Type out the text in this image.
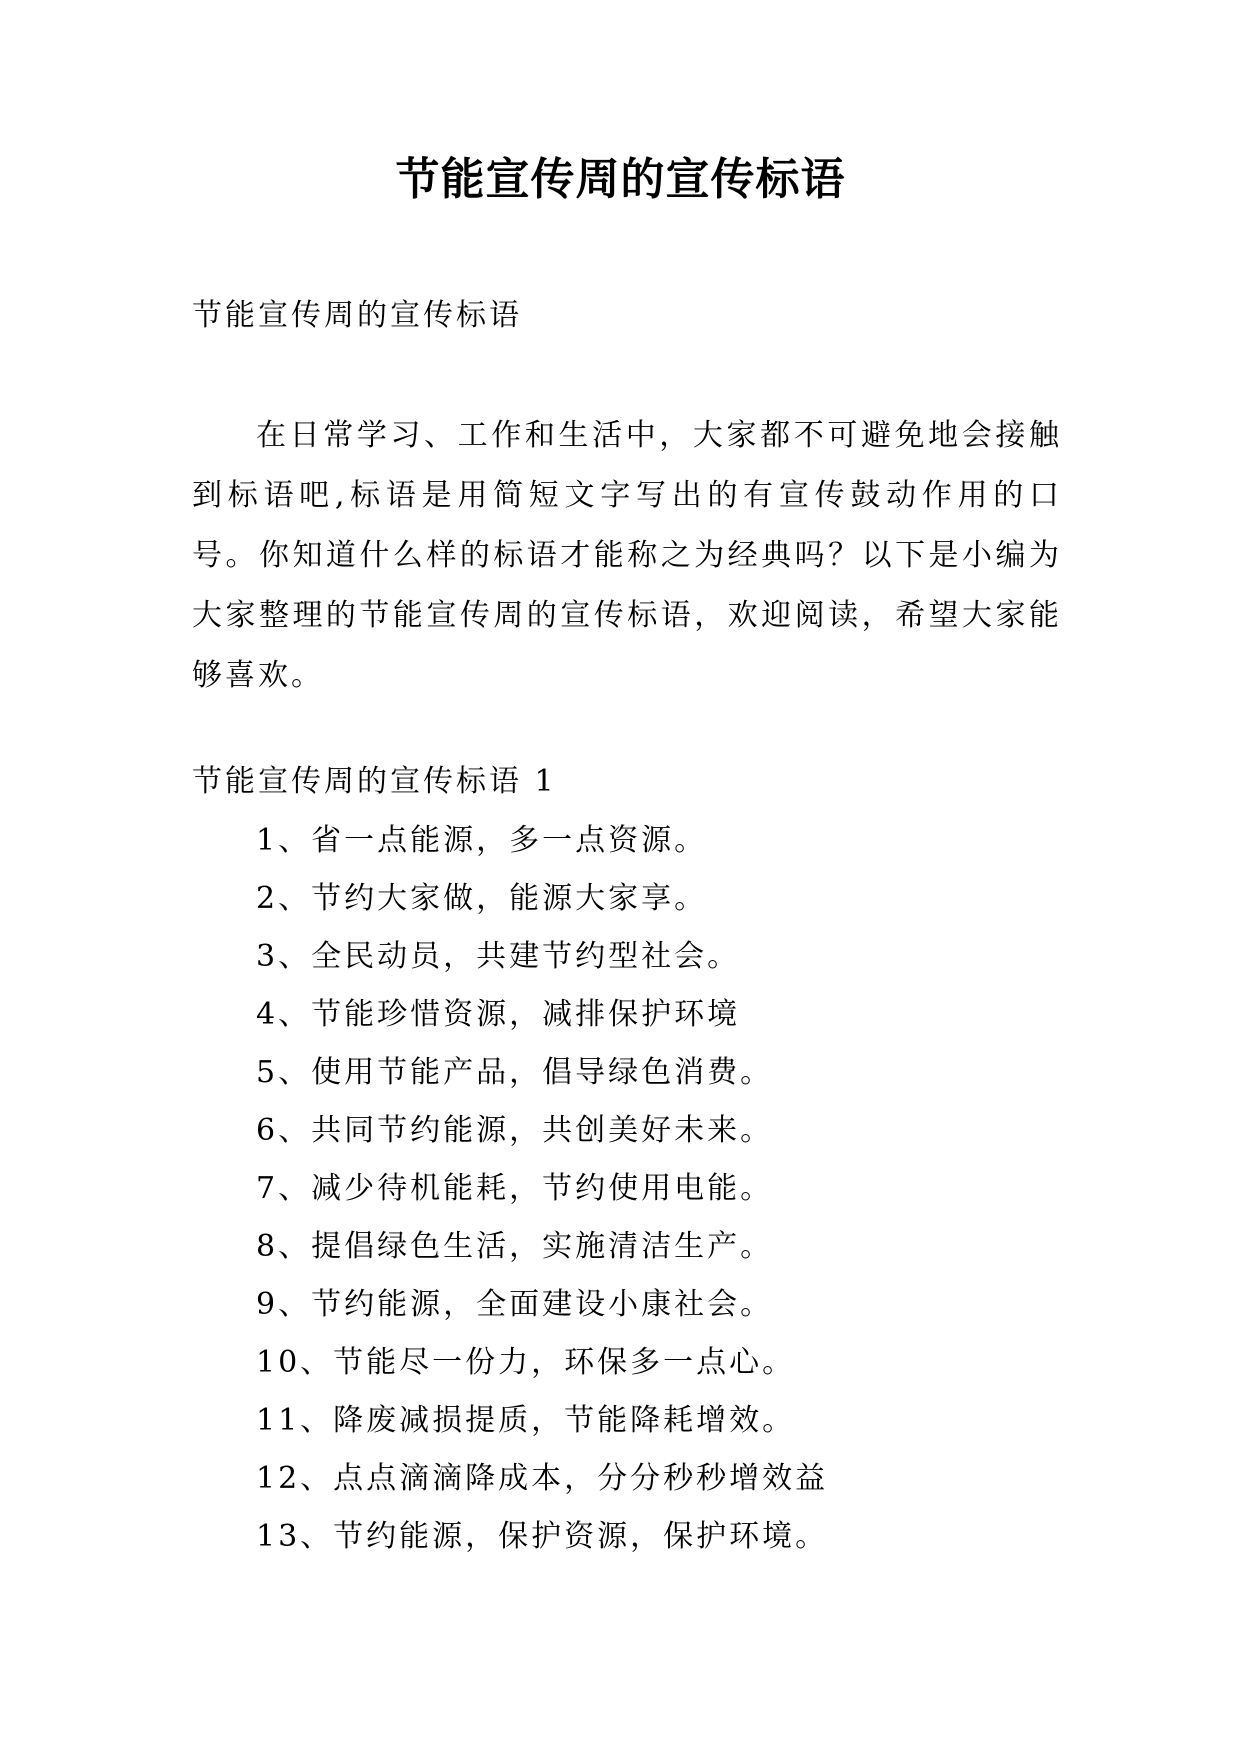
节能宣传周的宣传标语
节能宣传周的宣传标语
在日常学习、工作和生活中，大家都不可避免地会接触到标语吧,标语是用简短文字写出的有宣传鼓动作用的口号。你知道什么样的标语才能称之为经典吗？以下是小编为大家整理的节能宣传周的宣传标语，欢迎阅读，希望大家能够喜欢。
节能宣传周的宣传标语 1
1、省一点能源，多一点资源。
2、节约大家做，能源大家享。
3、全民动员，共建节约型社会。
4、节能珍惜资源，减排保护环境
5、使用节能产品，倡导绿色消费。
6、共同节约能源，共创美好未来。
7、减少待机能耗，节约使用电能。
8、提倡绿色生活，实施清洁生产。
9、节约能源，全面建设小康社会。
10、节能尽一份力，环保多一点心。
11、降废减损提质，节能降耗增效。
12、点点滴滴降成本，分分秒秒增效益
13、节约能源，保护资源，保护环境。
